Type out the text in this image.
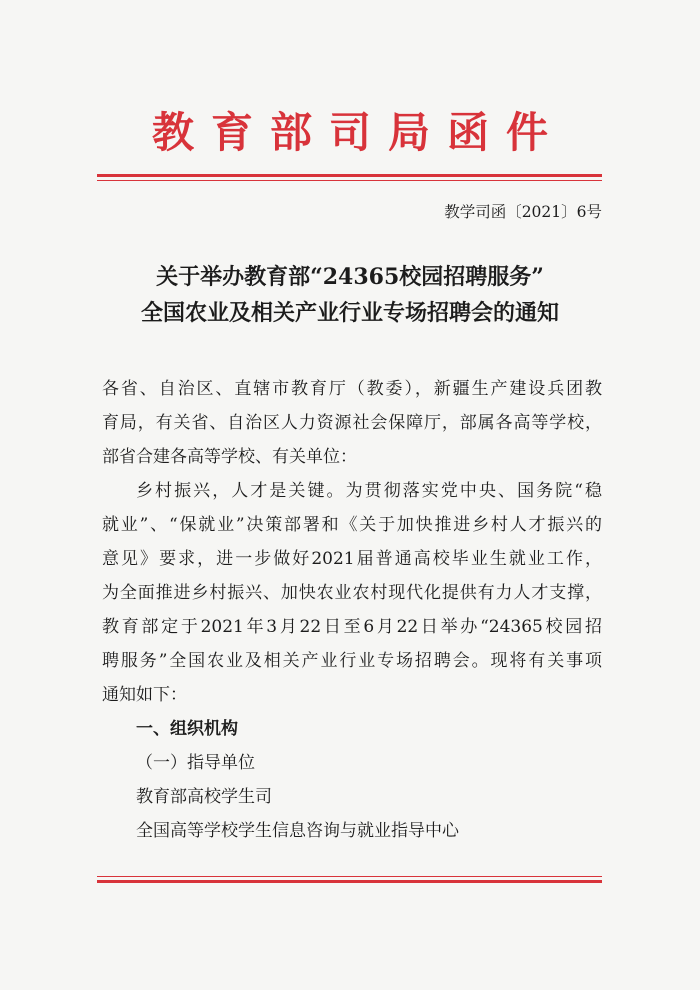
教育部司局函件
教学司函〔2021〕6号
关于举办教育部“24365校园招聘服务”
全国农业及相关产业行业专场招聘会的通知
各省、自治区、直辖市教育厅（教委），新疆生产建设兵团教
育局，有关省、自治区人力资源社会保障厅，部属各高等学校，
部省合建各高等学校、有关单位：
乡村振兴，人才是关键。为贯彻落实党中央、国务院“稳
就业”、“保就业”决策部署和《关于加快推进乡村人才振兴的
意见》要求，进一步做好2021届普通高校毕业生就业工作，
为全面推进乡村振兴、加快农业农村现代化提供有力人才支撑，
教育部定于2021年3月22日至6月22日举办“24365校园招
聘服务”全国农业及相关产业行业专场招聘会。现将有关事项
通知如下：
一、组织机构
（一）指导单位
教育部高校学生司
全国高等学校学生信息咨询与就业指导中心
